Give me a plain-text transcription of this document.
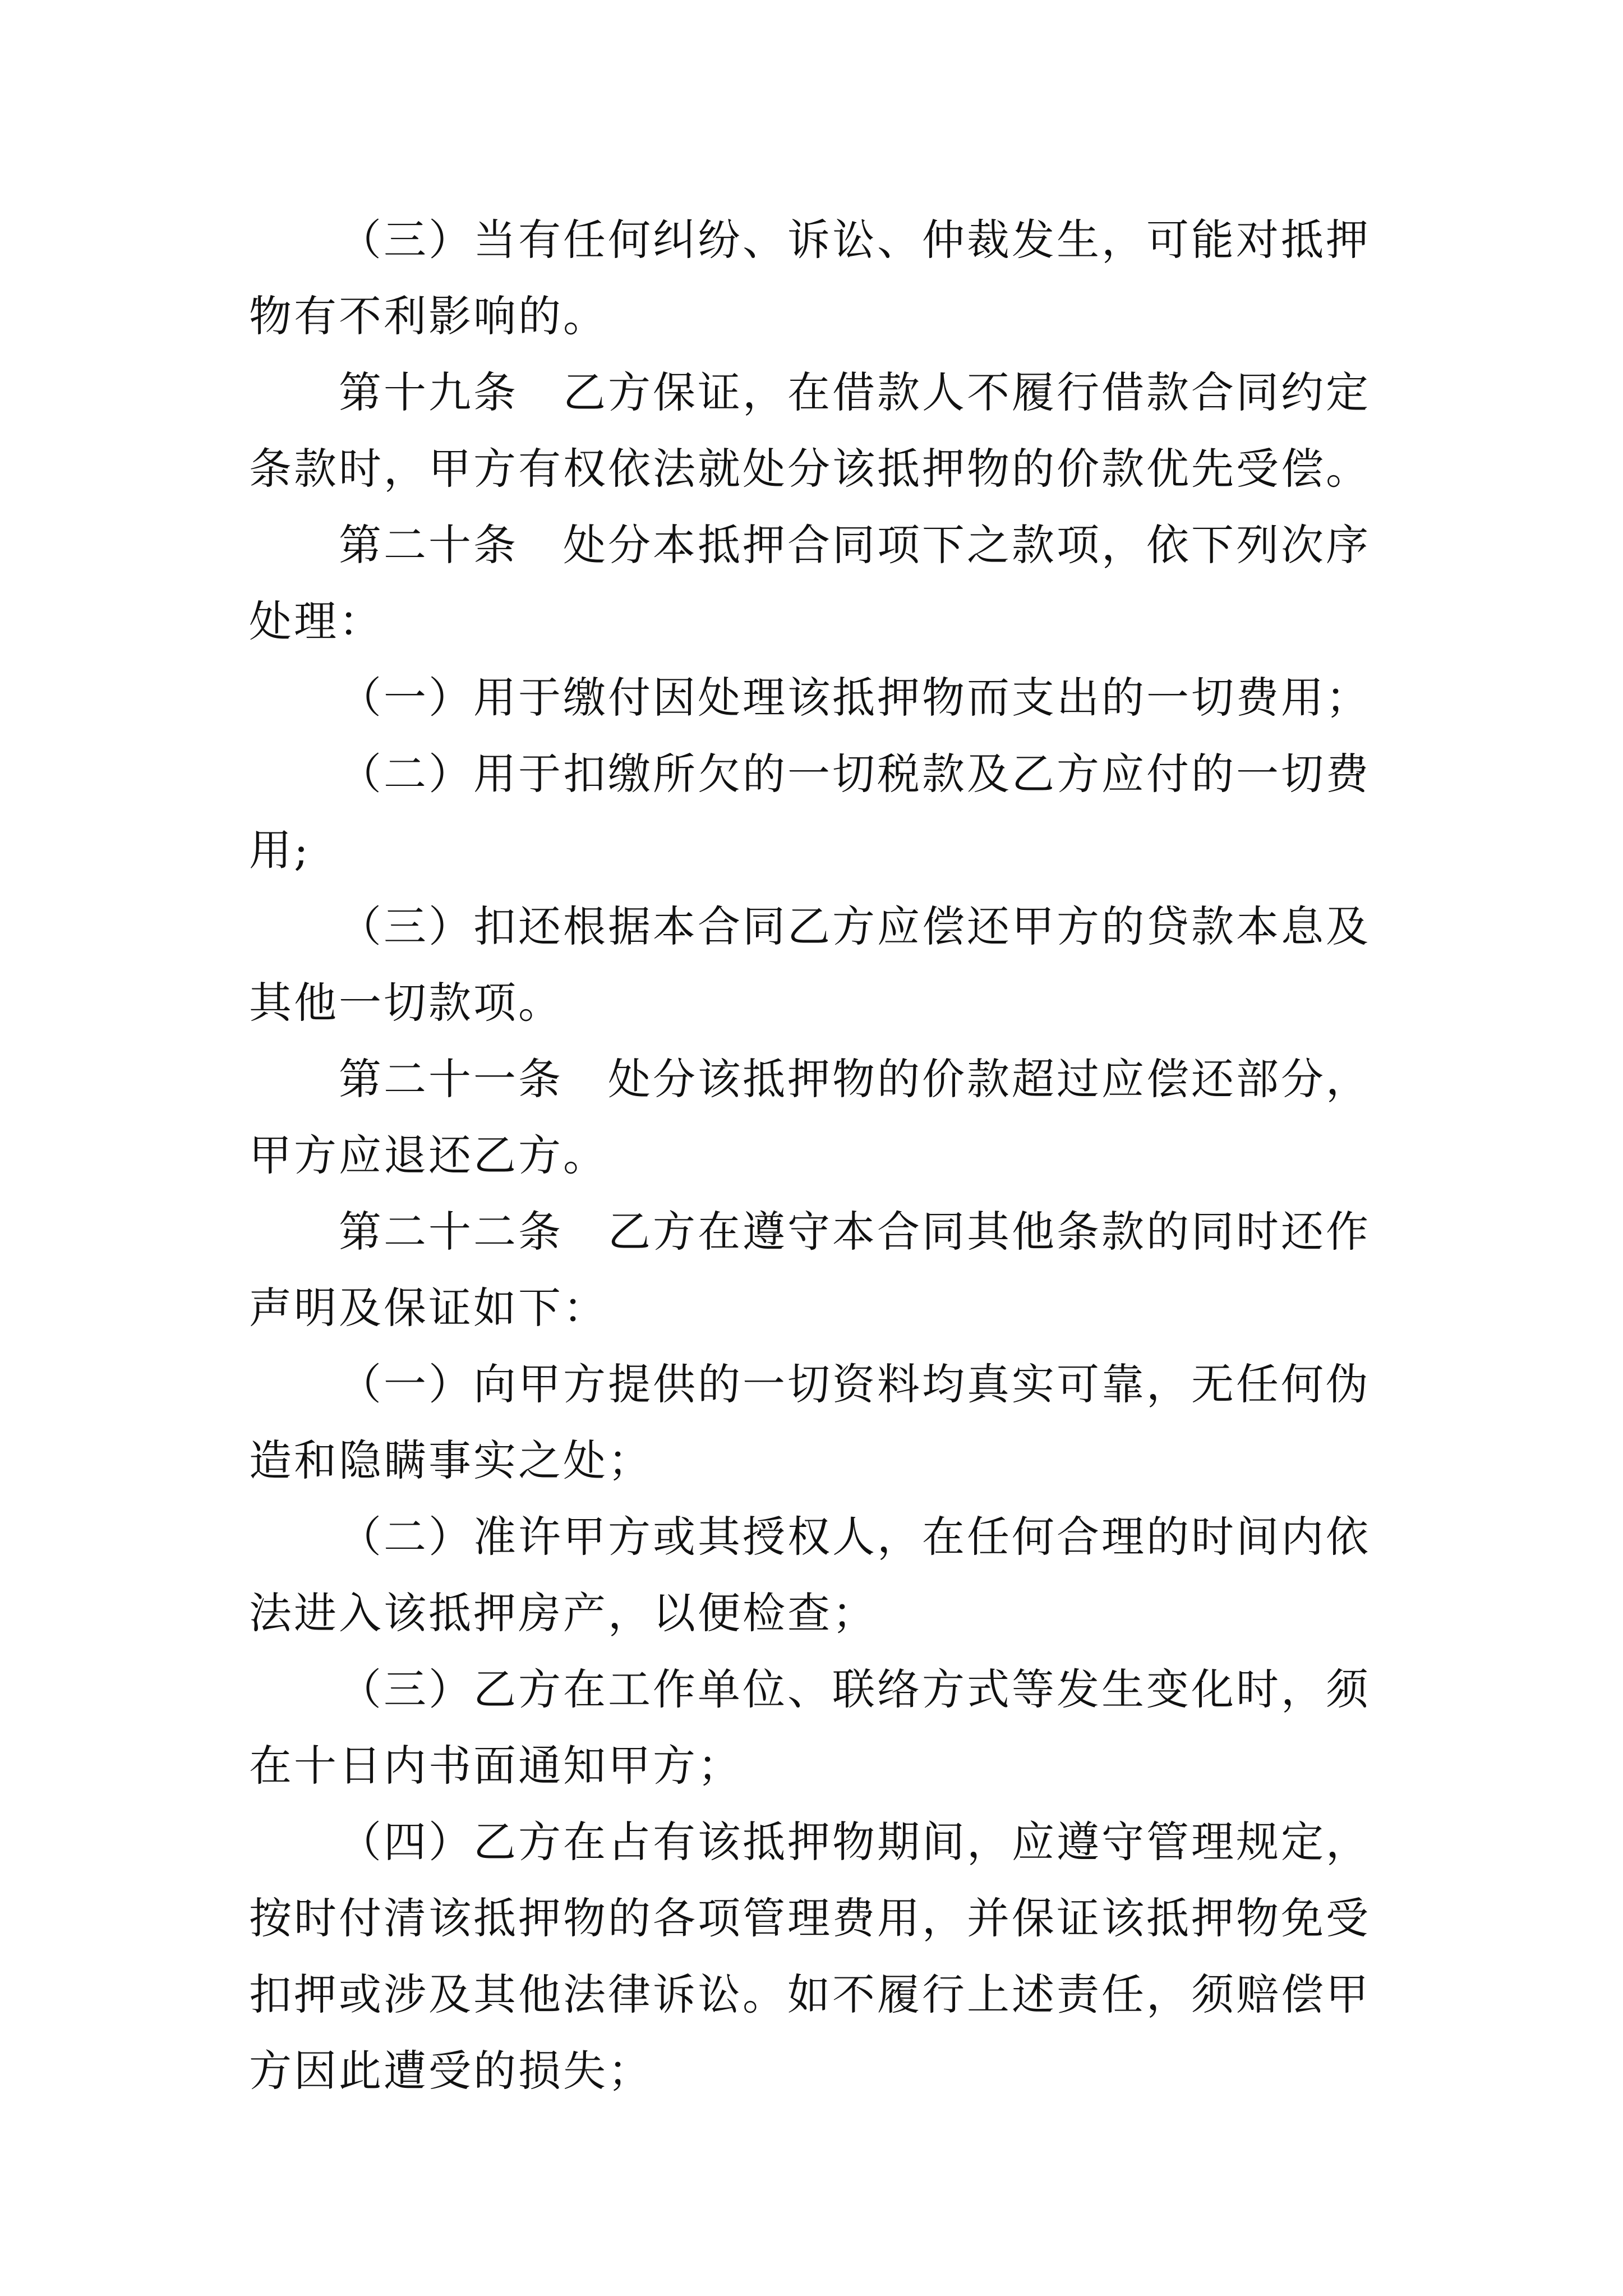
（三）当有任何纠纷、诉讼、仲裁发生，可能对抵押物有不利影响的。

第十九条　乙方保证，在借款人不履行借款合同约定条款时，甲方有权依法就处分该抵押物的价款优先受偿。

第二十条　处分本抵押合同项下之款项，依下列次序处理：

（一）用于缴付因处理该抵押物而支出的一切费用；

（二）用于扣缴所欠的一切税款及乙方应付的一切费用;

（三）扣还根据本合同乙方应偿还甲方的贷款本息及其他一切款项。

第二十一条　处分该抵押物的价款超过应偿还部分，甲方应退还乙方。

第二十二条　乙方在遵守本合同其他条款的同时还作声明及保证如下：

（一）向甲方提供的一切资料均真实可靠，无任何伪造和隐瞒事实之处；

（二）准许甲方或其授权人，在任何合理的时间内依法进入该抵押房产，以便检查；

（三）乙方在工作单位、联络方式等发生变化时，须在十日内书面通知甲方；

（四）乙方在占有该抵押物期间，应遵守管理规定，按时付清该抵押物的各项管理费用，并保证该抵押物免受扣押或涉及其他法律诉讼。如不履行上述责任，须赔偿甲方因此遭受的损失；
